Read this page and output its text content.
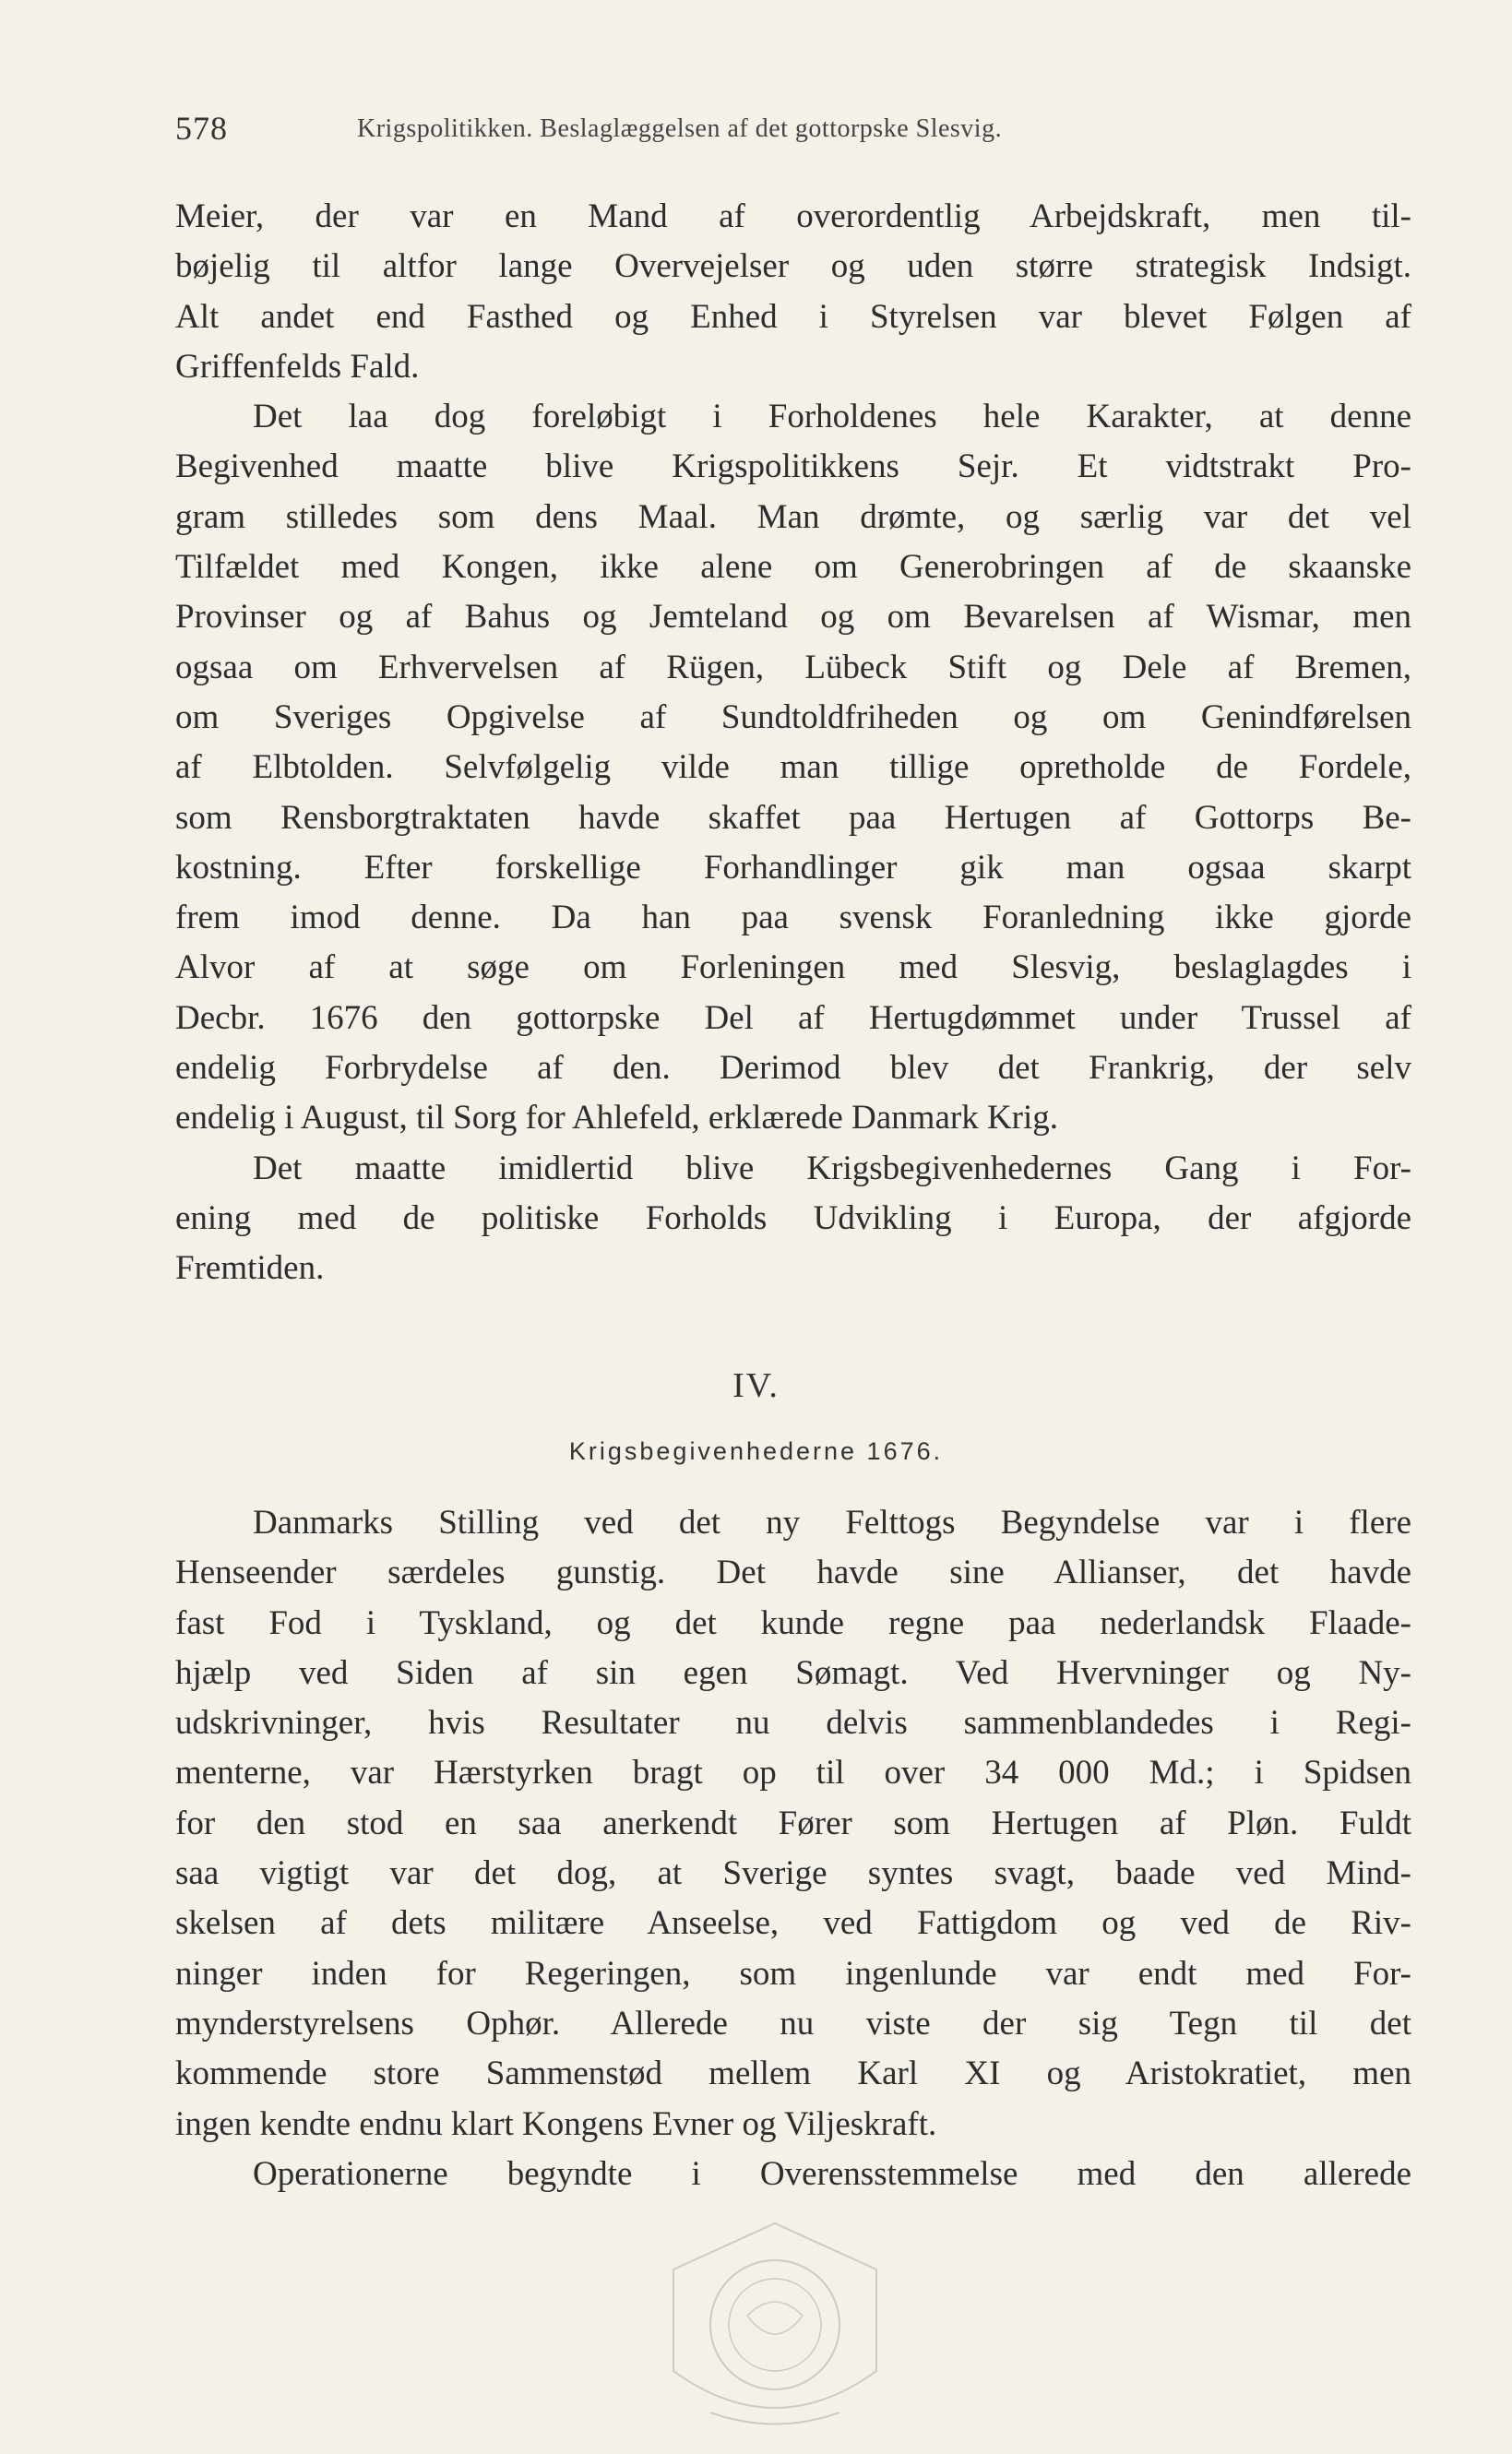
578	Krigspolitikken. Beslaglæggelsen af det gottorpske Slesvig.
Meier, der var en Mand af overordentlig Arbejdskraft, men til-
bøjelig til altfor lange Overvejelser og uden større strategisk Indsigt.
Alt andet end Fasthed og Enhed i Styrelsen var blevet Følgen af
Griffenfelds Fald.
Det laa dog foreløbigt i Forholdenes hele Karakter, at denne
Begivenhed maatte blive Krigspolitikkens Sejr. Et vidtstrakt Pro-
gram stilledes som dens Maal. Man drømte, og særlig var det vel
Tilfældet med Kongen, ikke alene om Generobringen af de skaanske
Provinser og af Bahus og Jemteland og om Bevarelsen af Wismar, men
ogsaa om Erhvervelsen af Rügen, Lübeck Stift og Dele af Bremen,
om Sveriges Opgivelse af Sundtoldfriheden og om Genindførelsen
af Elbtolden. Selvfølgelig vilde man tillige opretholde de Fordele,
som Rensborgtraktaten havde skaffet paa Hertugen af Gottorps Be-
kostning. Efter forskellige Forhandlinger gik man ogsaa skarpt
frem imod denne. Da han paa svensk Foranledning ikke gjorde
Alvor af at søge om Forleningen med Slesvig, beslaglagdes i
Decbr. 1676 den gottorpske Del af Hertugdømmet under Trussel af
endelig Forbrydelse af den. Derimod blev det Frankrig, der selv
endelig i August, til Sorg for Ahlefeld, erklærede Danmark Krig.
Det maatte imidlertid blive Krigsbegivenhedernes Gang i For-
ening med de politiske Forholds Udvikling i Europa, der afgjorde
Fremtiden.
IV.
Krigsbegivenhederne 1676.
Danmarks Stilling ved det ny Felttogs Begyndelse var i flere
Henseender særdeles gunstig. Det havde sine Allianser, det havde
fast Fod i Tyskland, og det kunde regne paa nederlandsk Flaade-
hjælp ved Siden af sin egen Sømagt. Ved Hvervninger og Ny-
udskrivninger, hvis Resultater nu delvis sammenblandedes i Regi-
menterne, var Hærstyrken bragt op til over 34 000 Md.; i Spidsen
for den stod en saa anerkendt Fører som Hertugen af Pløn. Fuldt
saa vigtigt var det dog, at Sverige syntes svagt, baade ved Mind-
skelsen af dets militære Anseelse, ved Fattigdom og ved de Riv-
ninger inden for Regeringen, som ingenlunde var endt med For-
mynderstyrelsens Ophør. Allerede nu viste der sig Tegn til det
kommende store Sammenstød mellem Karl XI og Aristokratiet, men
ingen kendte endnu klart Kongens Evner og Viljeskraft.
Operationerne begyndte i Overensstemmelse med den allerede
